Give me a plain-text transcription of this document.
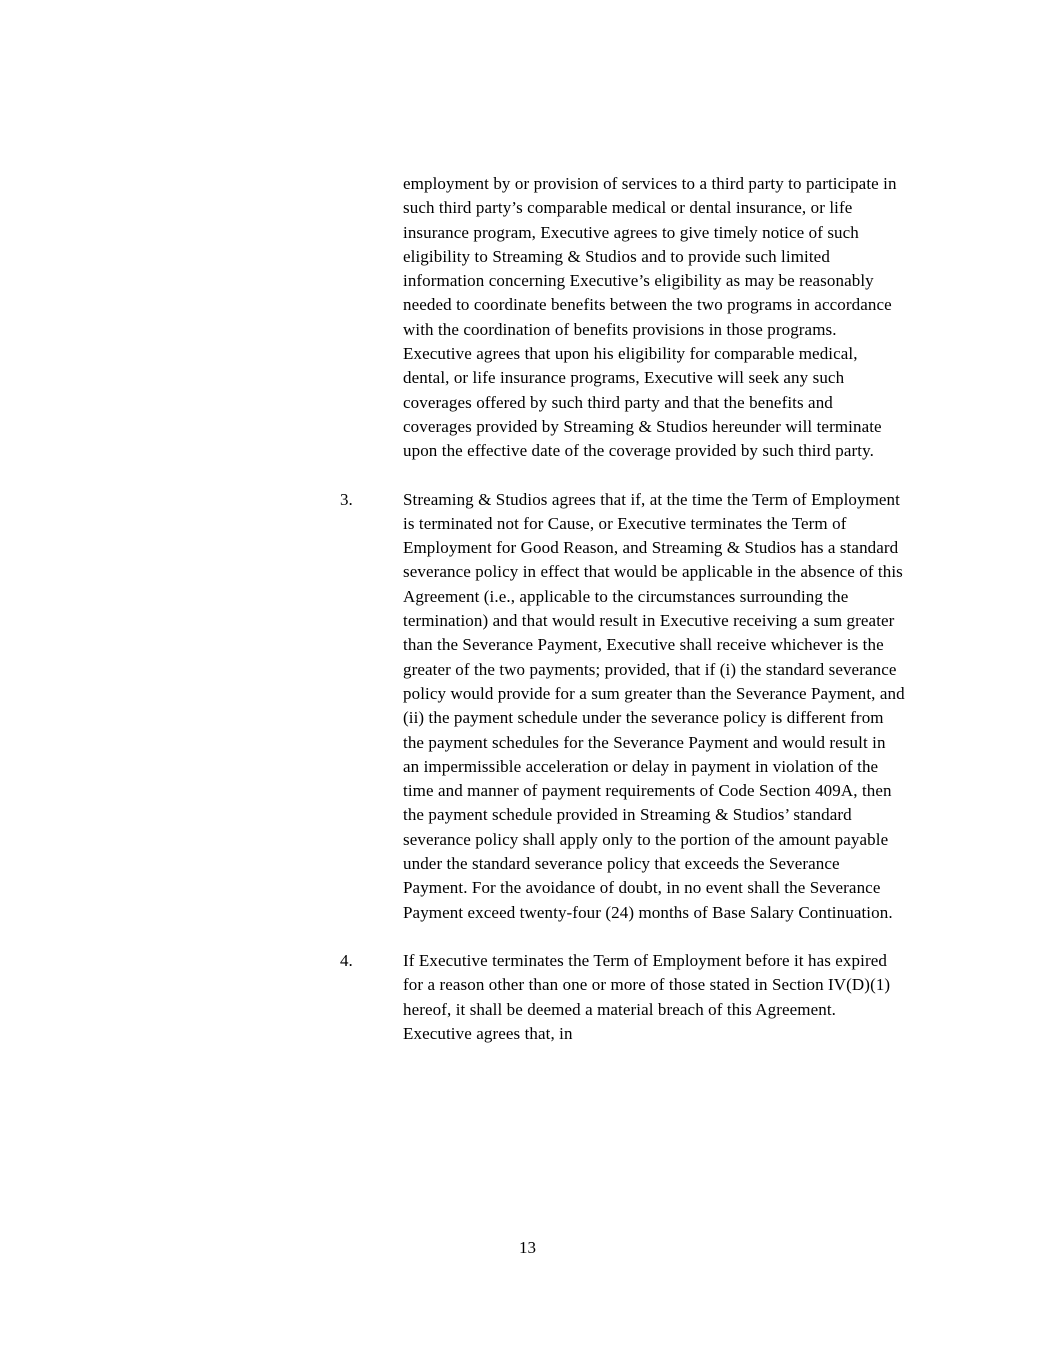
employment by or provision of services to a third party to participate in such third party’s comparable medical or dental insurance, or life insurance program, Executive agrees to give timely notice of such eligibility to Streaming & Studios and to provide such limited information concerning Executive’s eligibility as may be reasonably needed to coordinate benefits between the two programs in accordance with the coordination of benefits provisions in those programs. Executive agrees that upon his eligibility for comparable medical, dental, or life insurance programs, Executive will seek any such coverages offered by such third party and that the benefits and coverages provided by Streaming & Studios hereunder will terminate upon the effective date of the coverage provided by such third party.
3.	Streaming & Studios agrees that if, at the time the Term of Employment is terminated not for Cause, or Executive terminates the Term of Employment for Good Reason, and Streaming & Studios has a standard severance policy in effect that would be applicable in the absence of this Agreement (i.e., applicable to the circumstances surrounding the termination) and that would result in Executive receiving a sum greater than the Severance Payment, Executive shall receive whichever is the greater of the two payments; provided, that if (i) the standard severance policy would provide for a sum greater than the Severance Payment, and (ii) the payment schedule under the severance policy is different from the payment schedules for the Severance Payment and would result in an impermissible acceleration or delay in payment in violation of the time and manner of payment requirements of Code Section 409A, then the payment schedule provided in Streaming & Studios’ standard severance policy shall apply only to the portion of the amount payable under the standard severance policy that exceeds the Severance Payment. For the avoidance of doubt, in no event shall the Severance Payment exceed twenty-four (24) months of Base Salary Continuation.
4.	If Executive terminates the Term of Employment before it has expired for a reason other than one or more of those stated in Section IV(D)(1) hereof, it shall be deemed a material breach of this Agreement. Executive agrees that, in
13
